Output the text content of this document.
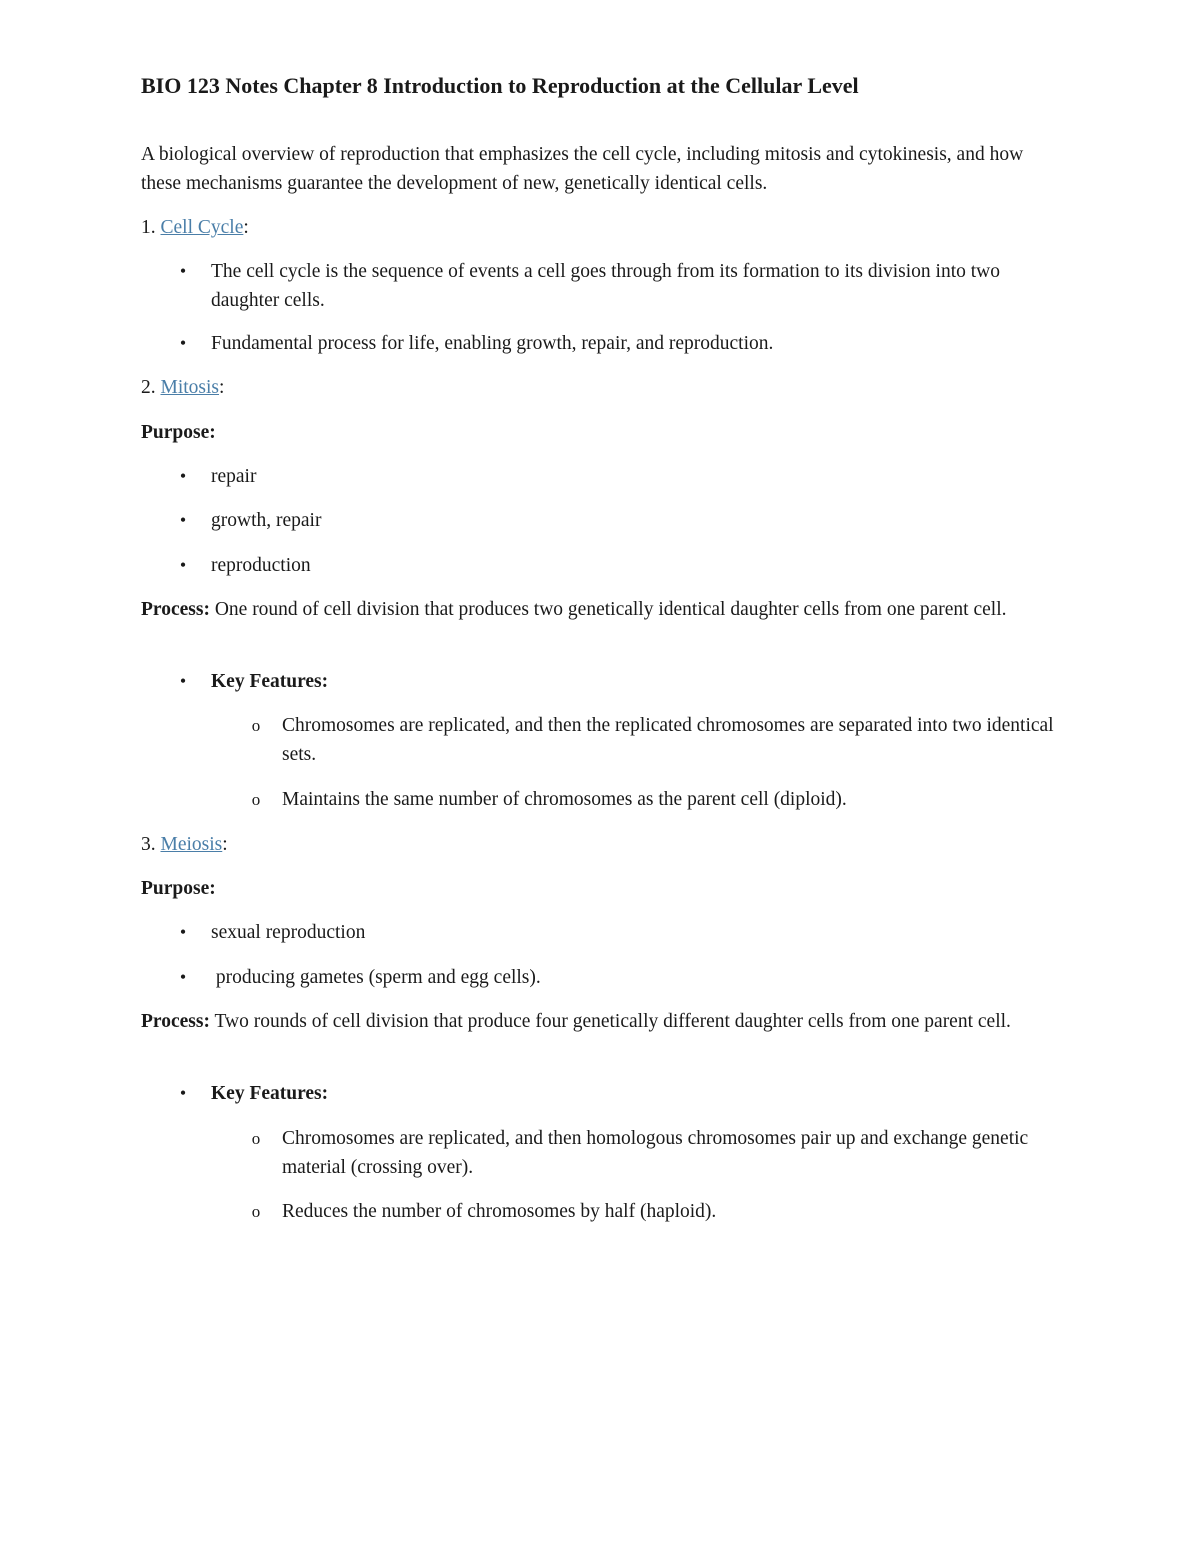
BIO 123 Notes Chapter 8 Introduction to Reproduction at the Cellular Level

A biological overview of reproduction that emphasizes the cell cycle, including mitosis and cytokinesis, and how these mechanisms guarantee the development of new, genetically identical cells.

1. Cell Cycle:

•	The cell cycle is the sequence of events a cell goes through from its formation to its division into two daughter cells.
•	Fundamental process for life, enabling growth, repair, and reproduction.

2. Mitosis:

Purpose:

•	repair
•	growth, repair
•	reproduction

Process: One round of cell division that produces two genetically identical daughter cells from one parent cell.

•	Key Features:
o Chromosomes are replicated, and then the replicated chromosomes are separated into two identical sets.
o Maintains the same number of chromosomes as the parent cell (diploid).

3. Meiosis:

Purpose:

•	sexual reproduction
•	producing gametes (sperm and egg cells).

Process: Two rounds of cell division that produce four genetically different daughter cells from one parent cell.

•	Key Features:
o Chromosomes are replicated, and then homologous chromosomes pair up and exchange genetic material (crossing over).
o Reduces the number of chromosomes by half (haploid).
